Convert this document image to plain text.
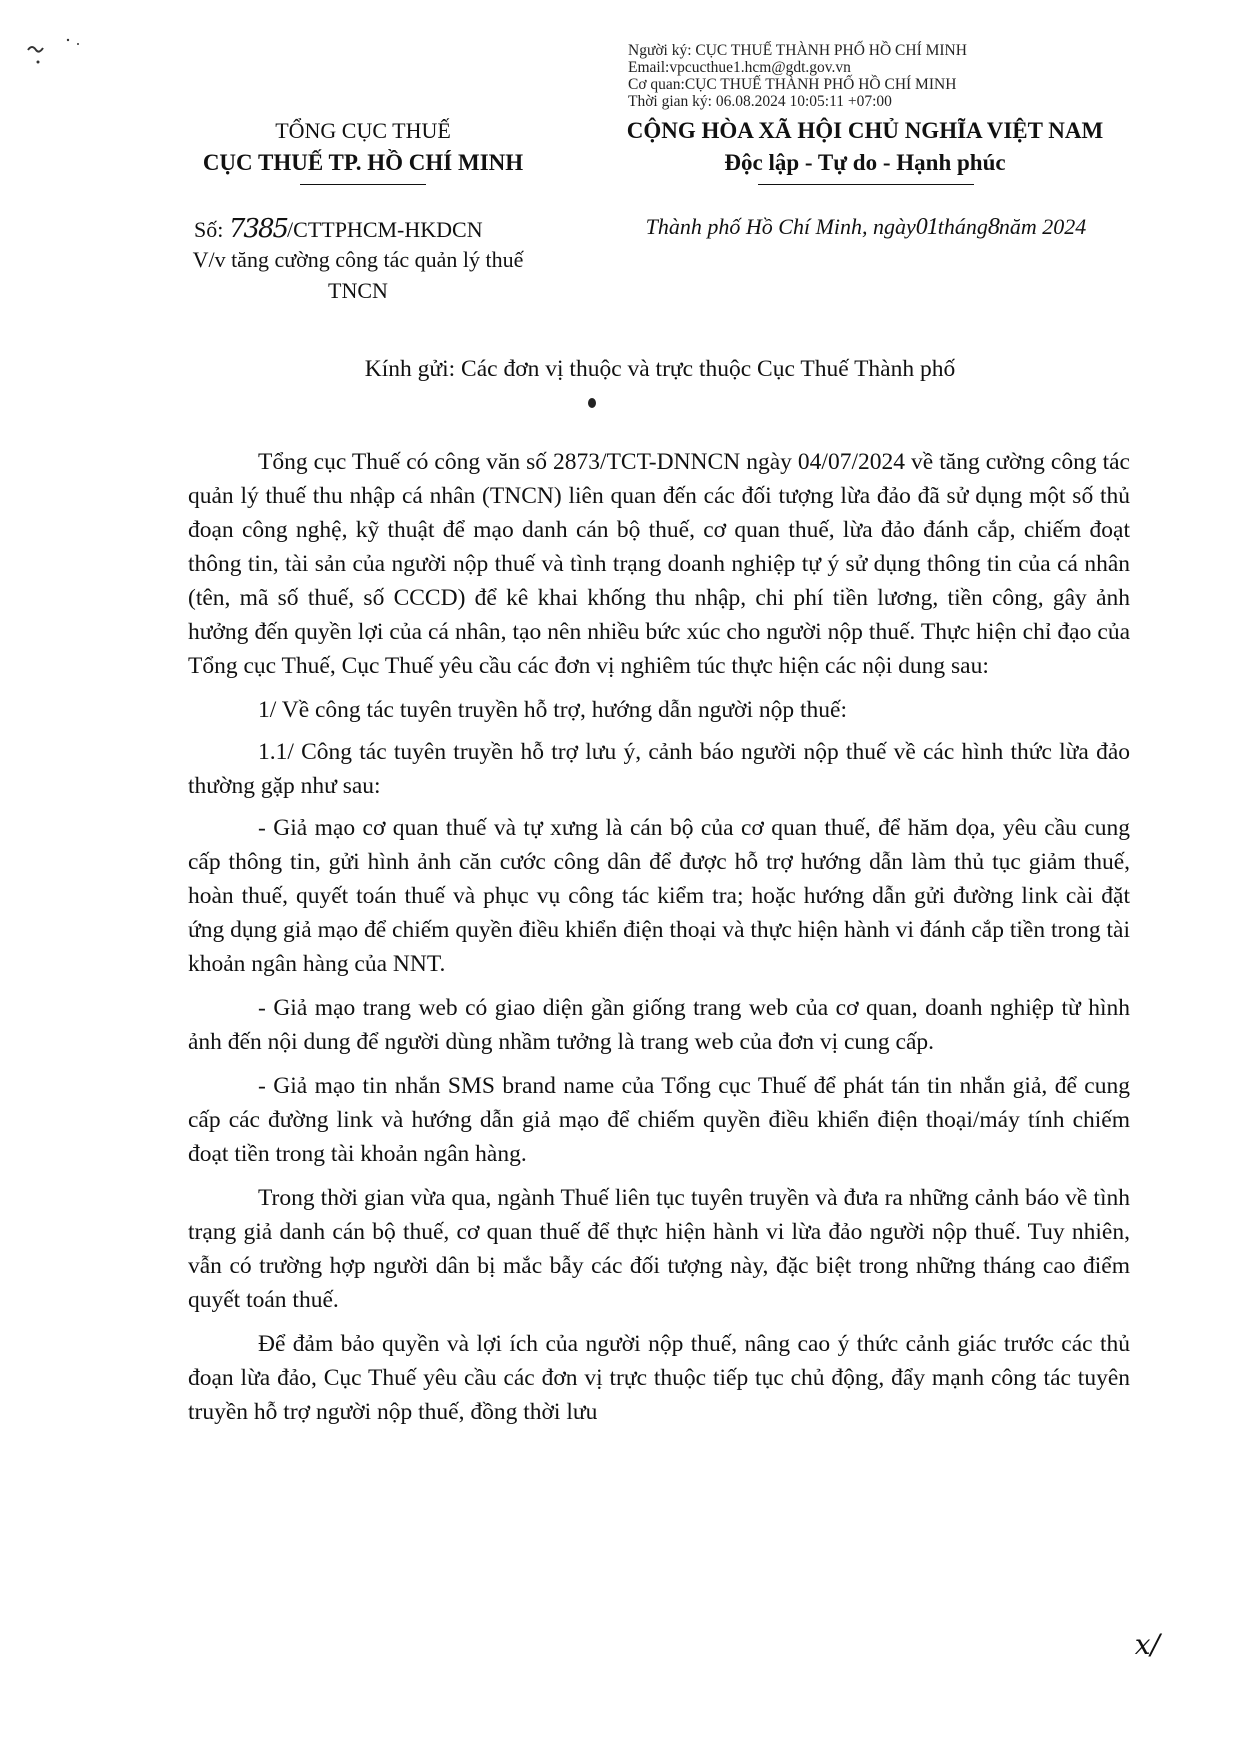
Người ký: CỤC THUẾ THÀNH PHỐ HỒ CHÍ MINH
Email:vpcucthue1.hcm@gdt.gov.vn
Cơ quan:CỤC THUẾ THÀNH PHỐ HỒ CHÍ MINH
Thời gian ký: 06.08.2024 10:05:11 +07:00
TỔNG CỤC THUẾ
CỤC THUẾ TP. HỒ CHÍ MINH
CỘNG HÒA XÃ HỘI CHỦ NGHĨA VIỆT NAM
Độc lập - Tự do - Hạnh phúc
Số: 7385/CTTPHCM-HKDCN
V/v tăng cường công tác quản lý thuế TNCN
Thành phố Hồ Chí Minh, ngày01tháng8năm 2024
Kính gửi: Các đơn vị thuộc và trực thuộc Cục Thuế Thành phố

Tổng cục Thuế có công văn số 2873/TCT-DNNCN ngày 04/07/2024 về tăng cường công tác quản lý thuế thu nhập cá nhân (TNCN) liên quan đến các đối tượng lừa đảo đã sử dụng một số thủ đoạn công nghệ, kỹ thuật để mạo danh cán bộ thuế, cơ quan thuế, lừa đảo đánh cắp, chiếm đoạt thông tin, tài sản của người nộp thuế và tình trạng doanh nghiệp tự ý sử dụng thông tin của cá nhân (tên, mã số thuế, số CCCD) để kê khai khống thu nhập, chi phí tiền lương, tiền công, gây ảnh hưởng đến quyền lợi của cá nhân, tạo nên nhiều bức xúc cho người nộp thuế. Thực hiện chỉ đạo của Tổng cục Thuế, Cục Thuế yêu cầu các đơn vị nghiêm túc thực hiện các nội dung sau:

1/ Về công tác tuyên truyền hỗ trợ, hướng dẫn người nộp thuế:

1.1/ Công tác tuyên truyền hỗ trợ lưu ý, cảnh báo người nộp thuế về các hình thức lừa đảo thường gặp như sau:

- Giả mạo cơ quan thuế và tự xưng là cán bộ của cơ quan thuế, để hăm dọa, yêu cầu cung cấp thông tin, gửi hình ảnh căn cước công dân để được hỗ trợ hướng dẫn làm thủ tục giảm thuế, hoàn thuế, quyết toán thuế và phục vụ công tác kiểm tra; hoặc hướng dẫn gửi đường link cài đặt ứng dụng giả mạo để chiếm quyền điều khiển điện thoại và thực hiện hành vi đánh cắp tiền trong tài khoản ngân hàng của NNT.

- Giả mạo trang web có giao diện gần giống trang web của cơ quan, doanh nghiệp từ hình ảnh đến nội dung để người dùng nhầm tưởng là trang web của đơn vị cung cấp.

- Giả mạo tin nhắn SMS brand name của Tổng cục Thuế để phát tán tin nhắn giả, để cung cấp các đường link và hướng dẫn giả mạo để chiếm quyền điều khiển điện thoại/máy tính chiếm đoạt tiền trong tài khoản ngân hàng.

Trong thời gian vừa qua, ngành Thuế liên tục tuyên truyền và đưa ra những cảnh báo về tình trạng giả danh cán bộ thuế, cơ quan thuế để thực hiện hành vi lừa đảo người nộp thuế. Tuy nhiên, vẫn có trường hợp người dân bị mắc bẫy các đối tượng này, đặc biệt trong những tháng cao điểm quyết toán thuế.

Để đảm bảo quyền và lợi ích của người nộp thuế, nâng cao ý thức cảnh giác trước các thủ đoạn lừa đảo, Cục Thuế yêu cầu các đơn vị trực thuộc tiếp tục chủ động, đẩy mạnh công tác tuyên truyền hỗ trợ người nộp thuế, đồng thời lưu

x/
